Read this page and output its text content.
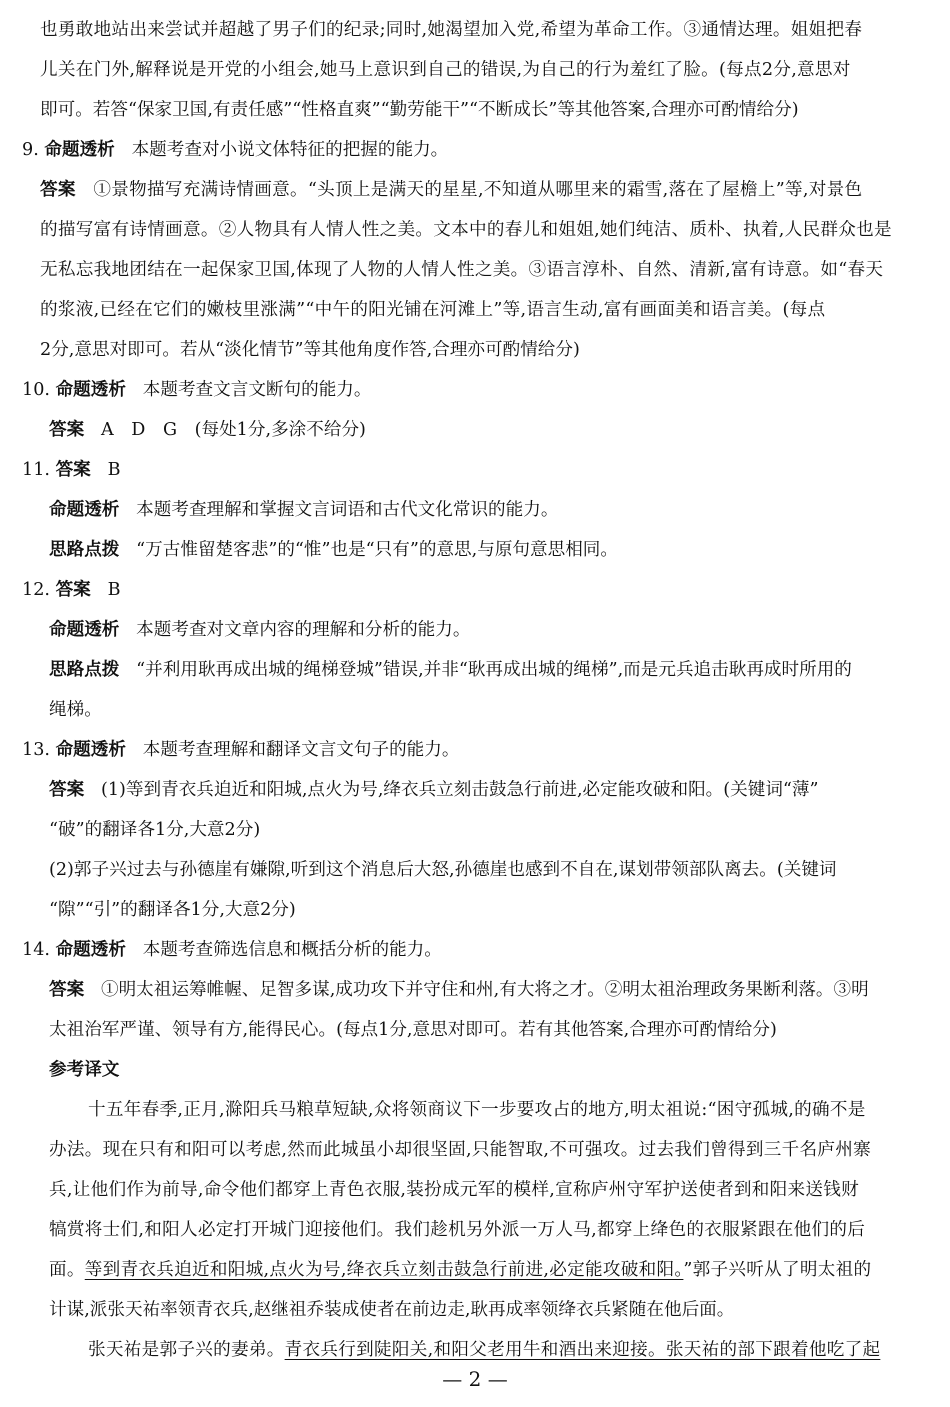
也勇敢地站出来尝试并超越了男子们的纪录;同时,她渴望加入党,希望为革命工作。③通情达理。姐姐把春
儿关在门外,解释说是开党的小组会,她马上意识到自己的错误,为自己的行为羞红了脸。(每点2分,意思对
即可。若答“保家卫国,有责任感”“性格直爽”“勤劳能干”“不断成长”等其他答案,合理亦可酌情给分)
9. 命题透析 本题考查对小说文体特征的把握的能力。
答案 ①景物描写充满诗情画意。“头顶上是满天的星星,不知道从哪里来的霜雪,落在了屋檐上”等,对景色
的描写富有诗情画意。②人物具有人情人性之美。文本中的春儿和姐姐,她们纯洁、质朴、执着,人民群众也是
无私忘我地团结在一起保家卫国,体现了人物的人情人性之美。③语言淳朴、自然、清新,富有诗意。如“春天
的浆液,已经在它们的嫩枝里涨满”“中午的阳光铺在河滩上”等,语言生动,富有画面美和语言美。(每点
2分,意思对即可。若从“淡化情节”等其他角度作答,合理亦可酌情给分)
10. 命题透析 本题考查文言文断句的能力。
答案 A　D　G　(每处1分,多涂不给分)
11. 答案 B
命题透析 本题考查理解和掌握文言词语和古代文化常识的能力。
思路点拨 “万古惟留楚客悲”的“惟”也是“只有”的意思,与原句意思相同。
12. 答案 B
命题透析 本题考查对文章内容的理解和分析的能力。
思路点拨 “并利用耿再成出城的绳梯登城”错误,并非“耿再成出城的绳梯”,而是元兵追击耿再成时所用的
绳梯。
13. 命题透析 本题考查理解和翻译文言文句子的能力。
答案 (1)等到青衣兵迫近和阳城,点火为号,绛衣兵立刻击鼓急行前进,必定能攻破和阳。(关键词“薄”
“破”的翻译各1分,大意2分)
(2)郭子兴过去与孙德崖有嫌隙,听到这个消息后大怒,孙德崖也感到不自在,谋划带领部队离去。(关键词
“隙”“引”的翻译各1分,大意2分)
14. 命题透析 本题考查筛选信息和概括分析的能力。
答案 ①明太祖运筹帷幄、足智多谋,成功攻下并守住和州,有大将之才。②明太祖治理政务果断利落。③明
太祖治军严谨、领导有方,能得民心。(每点1分,意思对即可。若有其他答案,合理亦可酌情给分)
参考译文
十五年春季,正月,滁阳兵马粮草短缺,众将领商议下一步要攻占的地方,明太祖说:“困守孤城,的确不是
办法。现在只有和阳可以考虑,然而此城虽小却很坚固,只能智取,不可强攻。过去我们曾得到三千名庐州寨
兵,让他们作为前导,命令他们都穿上青色衣服,装扮成元军的模样,宣称庐州守军护送使者到和阳来送钱财
犒赏将士们,和阳人必定打开城门迎接他们。我们趁机另外派一万人马,都穿上绛色的衣服紧跟在他们的后
面。等到青衣兵迫近和阳城,点火为号,绛衣兵立刻击鼓急行前进,必定能攻破和阳。”郭子兴听从了明太祖的
计谋,派张天祐率领青衣兵,赵继祖乔装成使者在前边走,耿再成率领绛衣兵紧随在他后面。
张天祐是郭子兴的妻弟。青衣兵行到陡阳关,和阳父老用牛和酒出来迎接。张天祐的部下跟着他吃了起
— 2 —
